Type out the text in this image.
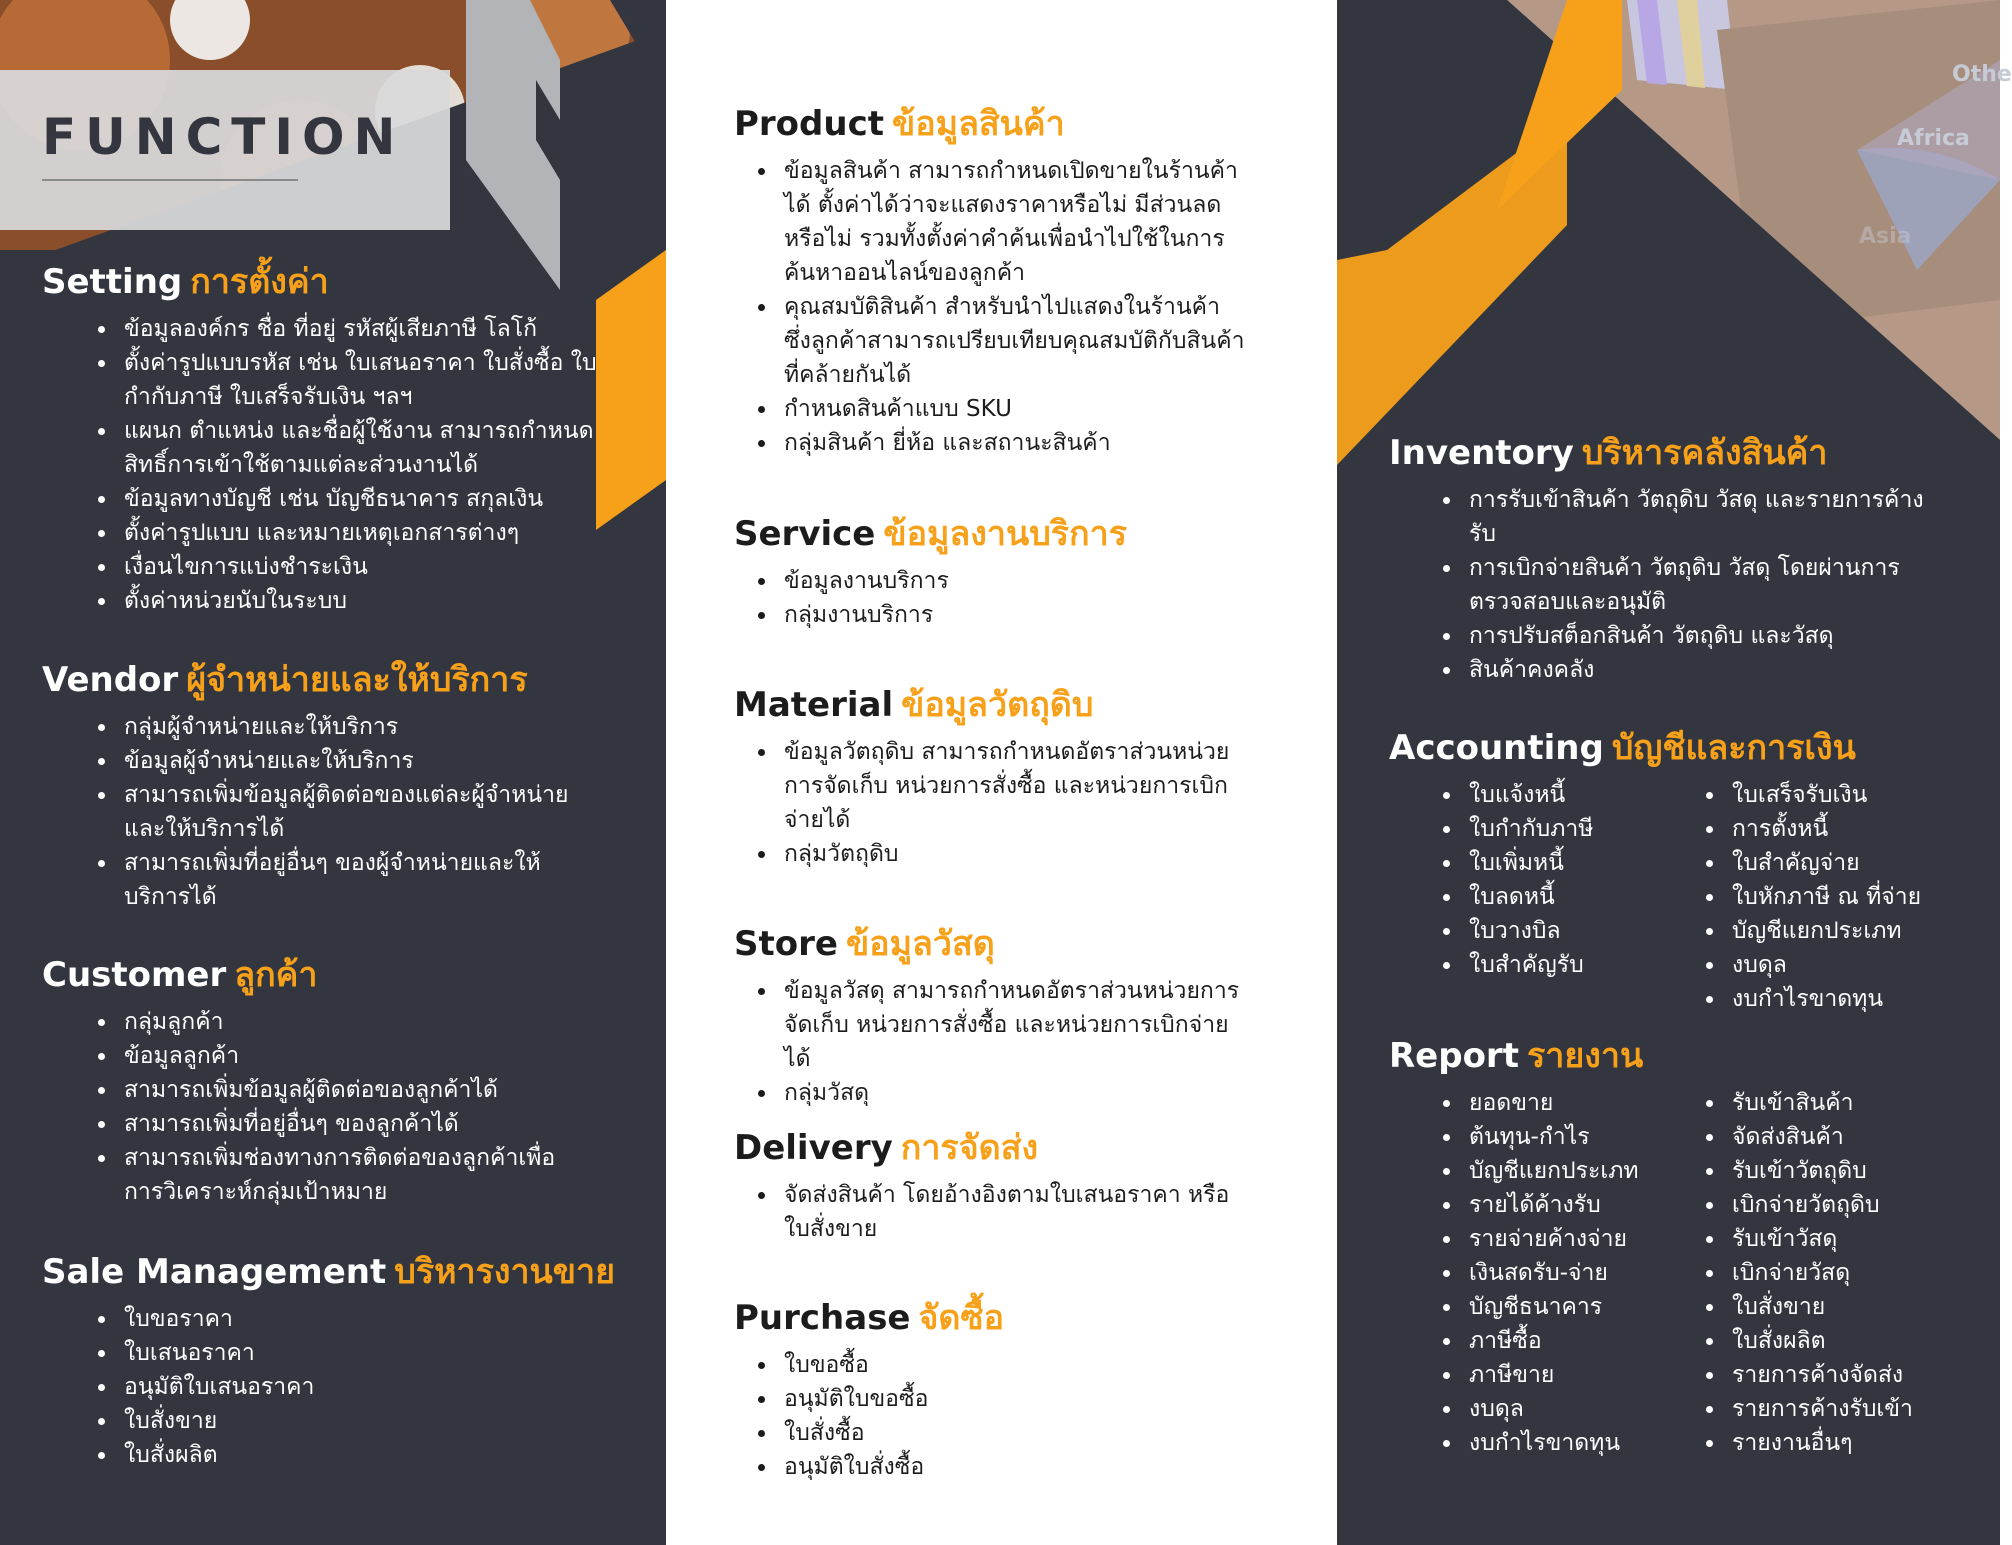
FUNCTION
Setting การตั้งค่า
ข้อมูลองค์กร ชื่อ ที่อยู่ รหัสผู้เสียภาษี โลโก้
ตั้งค่ารูปแบบรหัส เช่น ใบเสนอราคา ใบสั่งซื้อ ใบกำกับภาษี ใบเสร็จรับเงิน ฯลฯ
แผนก ตำแหน่ง และชื่อผู้ใช้งาน สามารถกำหนดสิทธิ์การเข้าใช้ตามแต่ละส่วนงานได้
ข้อมูลทางบัญชี เช่น บัญชีธนาคาร สกุลเงิน
ตั้งค่ารูปแบบ และหมายเหตุเอกสารต่างๆ
เงื่อนไขการแบ่งชำระเงิน
ตั้งค่าหน่วยนับในระบบ
Vendor ผู้จำหน่ายและให้บริการ
กลุ่มผู้จำหน่ายและให้บริการ
ข้อมูลผู้จำหน่ายและให้บริการ
สามารถเพิ่มข้อมูลผู้ติดต่อของแต่ละผู้จำหน่ายและให้บริการได้
สามารถเพิ่มที่อยู่อื่นๆ ของผู้จำหน่ายและให้บริการได้
Customer ลูกค้า
กลุ่มลูกค้า
ข้อมูลลูกค้า
สามารถเพิ่มข้อมูลผู้ติดต่อของลูกค้าได้
สามารถเพิ่มที่อยู่อื่นๆ ของลูกค้าได้
สามารถเพิ่มช่องทางการติดต่อของลูกค้าเพื่อการวิเคราะห์กลุ่มเป้าหมาย
Sale Management บริหารงานขาย
ใบขอราคา
ใบเสนอราคา
อนุมัติใบเสนอราคา
ใบสั่งขาย
ใบสั่งผลิต
Product ข้อมูลสินค้า
ข้อมูลสินค้า สามารถกำหนดเปิดขายในร้านค้าได้ ตั้งค่าได้ว่าจะแสดงราคาหรือไม่ มีส่วนลดหรือไม่ รวมทั้งตั้งค่าคำค้นเพื่อนำไปใช้ในการค้นหาออนไลน์ของลูกค้า
คุณสมบัติสินค้า สำหรับนำไปแสดงในร้านค้า ซึ่งลูกค้าสามารถเปรียบเทียบคุณสมบัติกับสินค้าที่คล้ายกันได้
กำหนดสินค้าแบบ SKU
กลุ่มสินค้า ยี่ห้อ และสถานะสินค้า
Service ข้อมูลงานบริการ
ข้อมูลงานบริการ
กลุ่มงานบริการ
Material ข้อมูลวัตถุดิบ
ข้อมูลวัตถุดิบ สามารถกำหนดอัตราส่วนหน่วยการจัดเก็บ หน่วยการสั่งซื้อ และหน่วยการเบิกจ่ายได้
กลุ่มวัตถุดิบ
Store ข้อมูลวัสดุ
ข้อมูลวัสดุ สามารถกำหนดอัตราส่วนหน่วยการจัดเก็บ หน่วยการสั่งซื้อ และหน่วยการเบิกจ่ายได้
กลุ่มวัสดุ
Delivery การจัดส่ง
จัดส่งสินค้า โดยอ้างอิงตามใบเสนอราคา หรือใบสั่งขาย
Purchase จัดซื้อ
ใบขอซื้อ
อนุมัติใบขอซื้อ
ใบสั่งซื้อ
อนุมัติใบสั่งซื้อ
Othe
Africa
Asia
Inventory บริหารคลังสินค้า
การรับเข้าสินค้า วัตถุดิบ วัสดุ และรายการค้างรับ
การเบิกจ่ายสินค้า วัตถุดิบ วัสดุ โดยผ่านการตรวจสอบและอนุมัติ
การปรับสต็อกสินค้า วัตถุดิบ และวัสดุ
สินค้าคงคลัง
Accounting บัญชีและการเงิน
ใบแจ้งหนี้
ใบกำกับภาษี
ใบเพิ่มหนี้
ใบลดหนี้
ใบวางบิล
ใบสำคัญรับ
ใบเสร็จรับเงิน
การตั้งหนี้
ใบสำคัญจ่าย
ใบหักภาษี ณ ที่จ่าย
บัญชีแยกประเภท
งบดุล
งบกำไรขาดทุน
Report รายงาน
ยอดขาย
ต้นทุน-กำไร
บัญชีแยกประเภท
รายได้ค้างรับ
รายจ่ายค้างจ่าย
เงินสดรับ-จ่าย
บัญชีธนาคาร
ภาษีซื้อ
ภาษีขาย
งบดุล
งบกำไรขาดทุน
รับเข้าสินค้า
จัดส่งสินค้า
รับเข้าวัตถุดิบ
เบิกจ่ายวัตถุดิบ
รับเข้าวัสดุ
เบิกจ่ายวัสดุ
ใบสั่งขาย
ใบสั่งผลิต
รายการค้างจัดส่ง
รายการค้างรับเข้า
รายงานอื่นๆ
